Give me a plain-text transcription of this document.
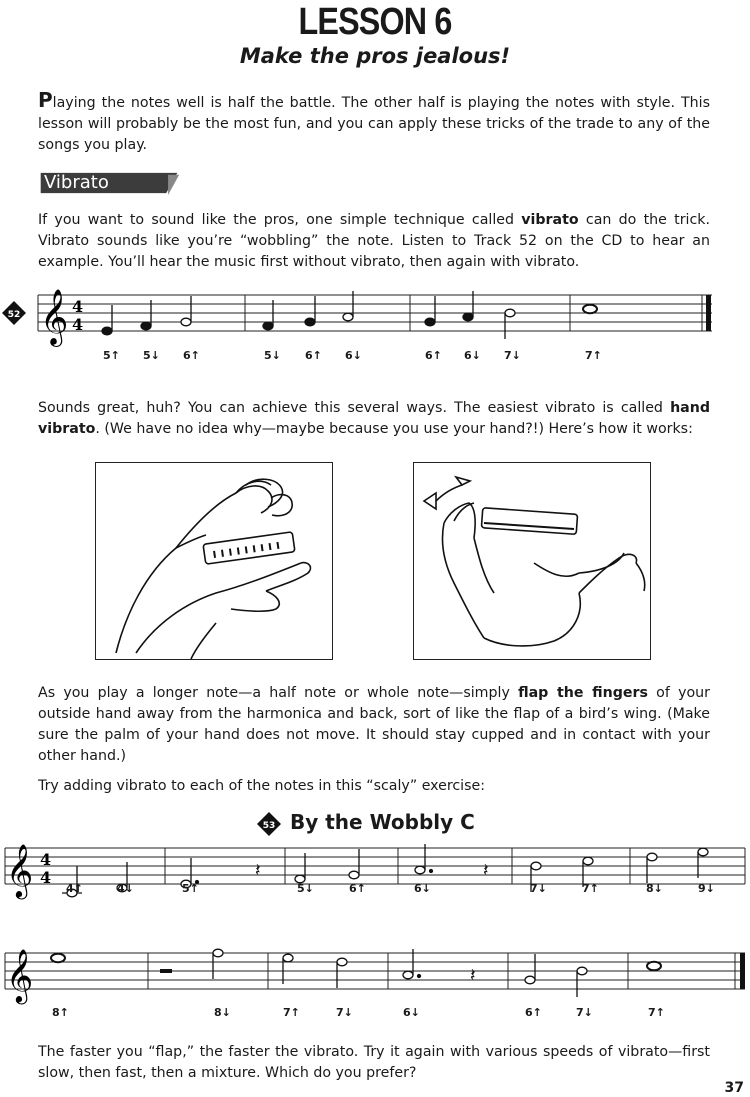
LESSON 6
Make the pros jealous!
Playing the notes well is half the battle. The other half is playing the notes with style. This lesson will probably be the most fun, and you can apply these tricks of the trade to any of the songs you play.
Vibrato
If you want to sound like the pros, one simple technique called vibrato can do the trick. Vibrato sounds like you’re “wobbling” the note. Listen to Track 52 on the CD to hear an example. You’ll hear the music first without vibrato, then again with vibrato.
52 𝄞 4
4
5↑ 5↓ 6↑	5↓ 6↑ 6↓	6↑ 6↓ 7↓	7↑
Sounds great, huh? You can achieve this several ways. The easiest vibrato is called hand vibrato. (We have no idea why—maybe because you use your hand?!) Here’s how it works:
As you play a longer note—a half note or whole note—simply flap the fingers of your outside hand away from the harmonica and back, sort of like the flap of a bird’s wing. (Make sure the palm of your hand does not move. It should stay cupped and in contact with your other hand.)
Try adding vibrato to each of the notes in this “scaly” exercise:
53 By the Wobbly C
𝄞 4
4	𝄽	𝄽
4↑	4↓	5↑	5↓	6↑	6↓	7↓	7↑	8↓	9↓
𝄞	𝄽
8↑	8↓	7↑	7↓	6↓	6↑	7↓	7↑
The faster you “flap,” the faster the vibrato. Try it again with various speeds of vibrato—first slow, then fast, then a mixture. Which do you prefer?
37
